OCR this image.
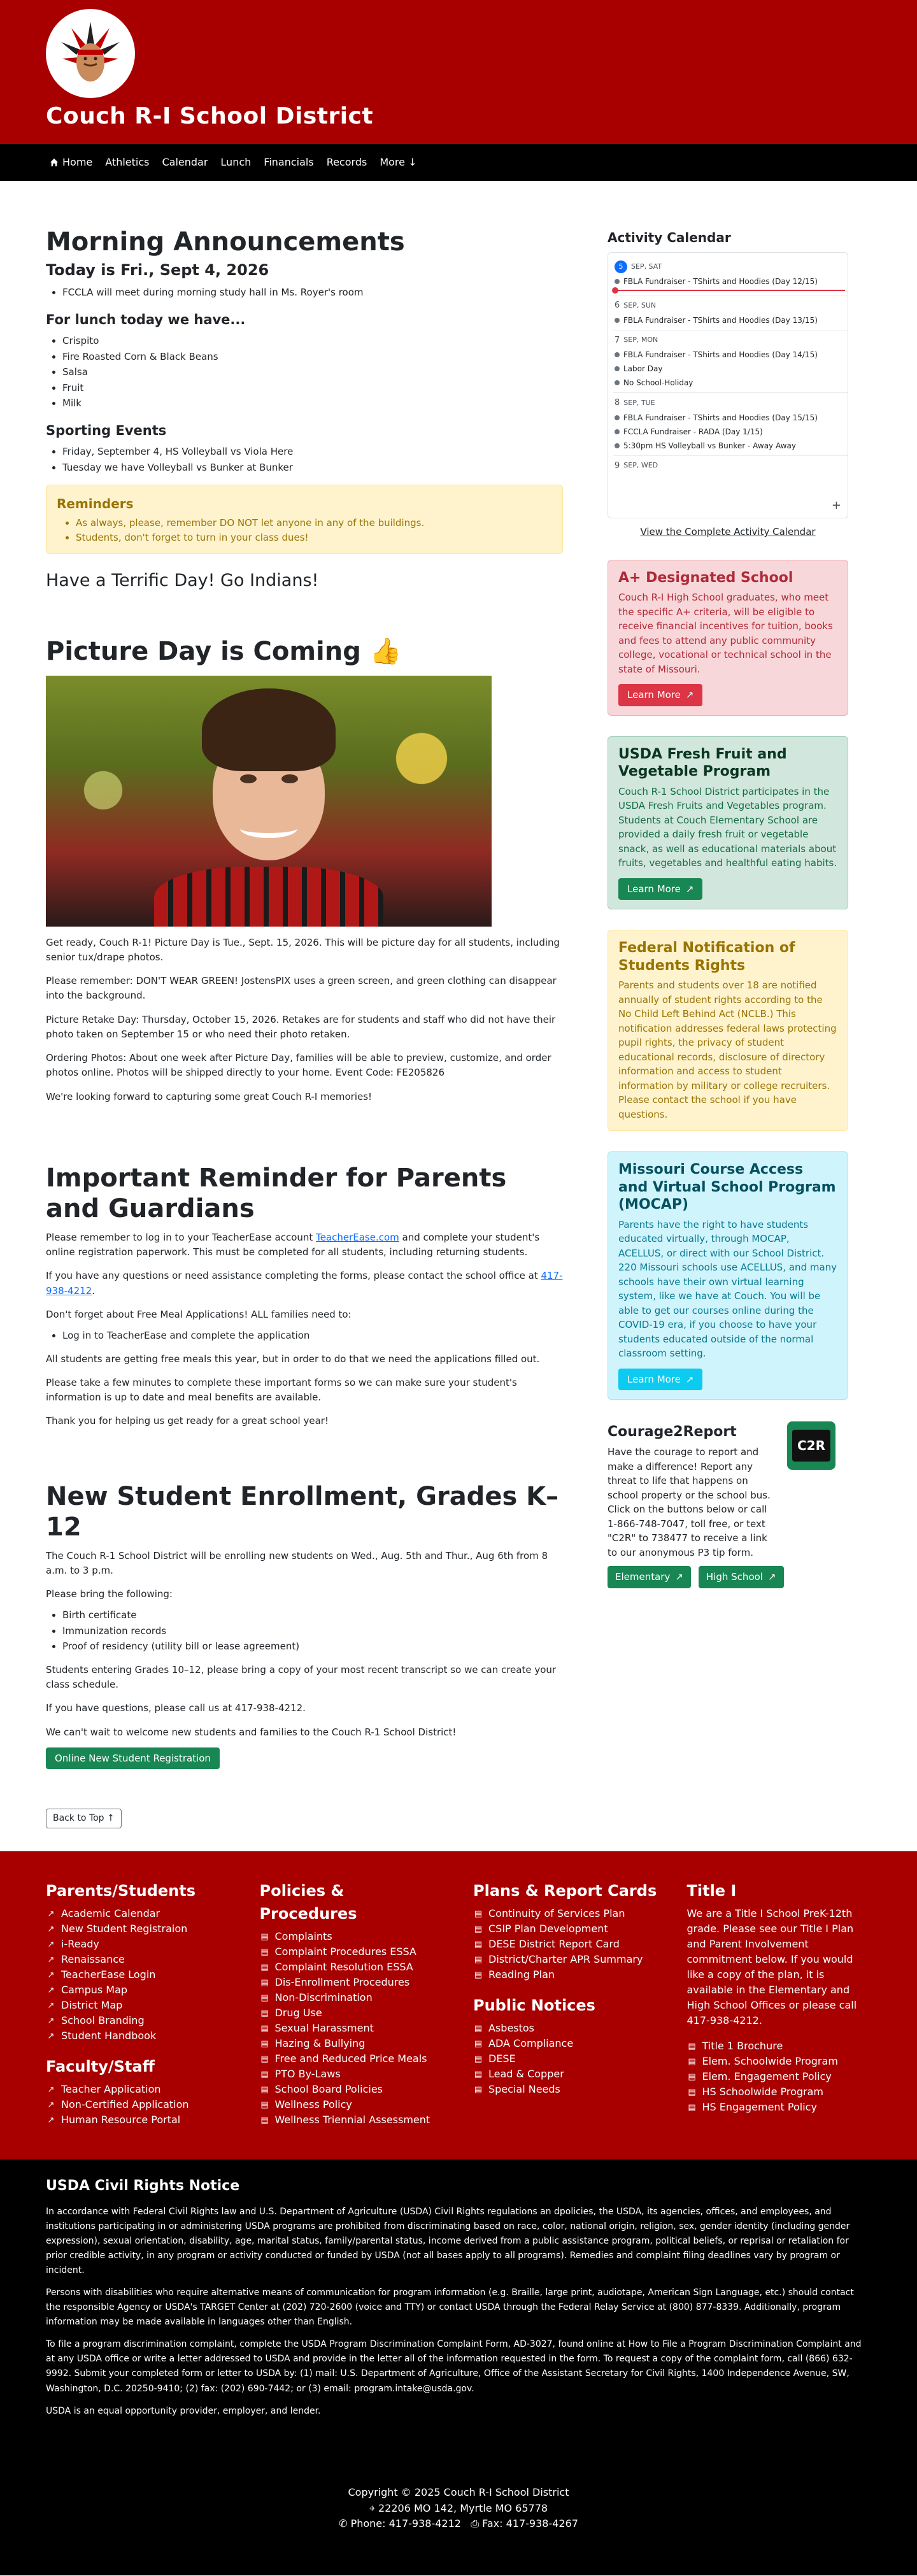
Couch R-I School District
Home Athletics Calendar Lunch Financials Records More ↓
Morning Announcements
Today is Fri., Sept 4, 2026
• FCCLA will meet during morning study hall in Ms. Royer's room
For lunch today we have...
• Crispito
• Fire Roasted Corn & Black Beans
• Salsa
• Fruit
• Milk
Sporting Events
• Friday, September 4, HS Volleyball vs Viola Here
• Tuesday we have Volleyball vs Bunker at Bunker
Reminders
• As always, please, remember DO NOT let anyone in any of the buildings.
• Students, don't forget to turn in your class dues!
Have a Terrific Day! Go Indians!
Picture Day is Coming 👍

Get ready, Couch R-1! Picture Day is Tue., Sept. 15, 2026. This will be picture day for all students, including senior tux/drape photos.

Please remember: DON'T WEAR GREEN! JostensPIX uses a green screen, and green clothing can disappear into the background.

Picture Retake Day: Thursday, October 15, 2026. Retakes are for students and staff who did not have their photo taken on September 15 or who need their photo retaken.

Ordering Photos: About one week after Picture Day, families will be able to preview, customize, and order photos online. Photos will be shipped directly to your home. Event Code: FE205826

We're looking forward to capturing some great Couch R-I memories!

Important Reminder for Parents and Guardians

Please remember to log in to your TeacherEase account TeacherEase.com and complete your student's online registration paperwork. This must be completed for all students, including returning students.

If you have any questions or need assistance completing the forms, please contact the school office at 417-938-4212.

Don't forget about Free Meal Applications! ALL families need to:

• Log in to TeacherEase and complete the application

All students are getting free meals this year, but in order to do that we need the applications filled out.

Please take a few minutes to complete these important forms so we can make sure your student's information is up to date and meal benefits are available.

Thank you for helping us get ready for a great school year!

New Student Enrollment, Grades K–12

The Couch R-1 School District will be enrolling new students on Wed., Aug. 5th and Thur., Aug 6th from 8 a.m. to 3 p.m.

Please bring the following:

• Birth certificate
• Immunization records
• Proof of residency (utility bill or lease agreement)

Students entering Grades 10–12, please bring a copy of your most recent transcript so we can create your class schedule.

If you have questions, please call us at 417-938-4212.

We can't wait to welcome new students and families to the Couch R-1 School District!

Online New Student Registration
Activity Calendar
5	SEP, SAT
FBLA Fundraiser - TShirts and Hoodies (Day 12/15)
6 SEP, SUN
FBLA Fundraiser - TShirts and Hoodies (Day 13/15)
7 SEP, MON
FBLA Fundraiser - TShirts and Hoodies (Day 14/15)
Labor Day
No School-Holiday
8 SEP, TUE
FBLA Fundraiser - TShirts and Hoodies (Day 15/15)
FCCLA Fundraiser - RADA (Day 1/15)
5:30pm HS Volleyball vs Bunker - Away Away
9 SEP, WED
+
View the Complete Activity Calendar
A+ Designated School

Couch R-I High School graduates, who meet the specific A+ criteria, will be eligible to receive financial incentives for tuition, books and fees to attend any public community college, vocational or technical school in the state of Missouri.

Learn More ↗
USDA Fresh Fruit and Vegetable Program

Couch R-1 School District participates in the USDA Fresh Fruits and Vegetables program. Students at Couch Elementary School are provided a daily fresh fruit or vegetable snack, as well as educational materials about fruits, vegetables and healthful eating habits.

Learn More ↗
Federal Notification of Students Rights

Parents and students over 18 are notified annually of student rights according to the No Child Left Behind Act (NCLB.) This notification addresses federal laws protecting pupil rights, the privacy of student educational records, disclosure of directory information and access to student information by military or college recruiters. Please contact the school if you have questions.

Missouri Course Access and Virtual School Program (MOCAP)

Parents have the right to have students educated virtually, through MOCAP, ACELLUS, or direct with our School District. 220 Missouri schools use ACELLUS, and many schools have their own virtual learning system, like we have at Couch. You will be able to get our courses online during the COVID-19 era, if you choose to have your students educated outside of the normal classroom setting.

Learn More ↗
C2R
Courage2Report

Have the courage to report and make a difference! Report any threat to life that happens on school property or the school bus. Click on the buttons below or call 1-866-748-7047, toll free, or text "C2R" to 738477 to receive a link to our anonymous P3 tip form.

Elementary ↗ High School ↗
Back to Top ↑
Parents/Students
↗ Academic Calendar
↗ New Student Registraion
↗ i-Ready
↗ Renaissance
↗ TeacherEase Login
↗ Campus Map
↗ District Map
↗ School Branding
↗ Student Handbook
Faculty/Staff
↗ Teacher Application
↗ Non-Certified Application
↗ Human Resource Portal
Policies & Procedures
▤ Complaints
▤ Complaint Procedures ESSA
▤ Complaint Resolution ESSA
▤ Dis-Enrollment Procedures
▤ Non-Discrimination
▤ Drug Use
▤ Sexual Harassment
▤ Hazing & Bullying
▤ Free and Reduced Price Meals
▤ PTO By-Laws
▤ School Board Policies
▤ Wellness Policy
▤ Wellness Triennial Assessment
Plans & Report Cards
▤ Continuity of Services Plan
▤ CSIP Plan Development
▤ DESE District Report Card
▤ District/Charter APR Summary
▤ Reading Plan
Public Notices
▤ Asbestos
▤ ADA Compliance
▤ DESE
▤ Lead & Copper
▤ Special Needs
Title I

We are a Title I School PreK-12th grade. Please see our Title I Plan and Parent Involvement commitment below. If you would like a copy of the plan, it is available in the Elementary and High School Offices or please call 417-938-4212.

▤ Title 1 Brochure
▤ Elem. Schoolwide Program
▤ Elem. Engagement Policy
▤ HS Schoolwide Program
▤ HS Engagement Policy
USDA Civil Rights Notice

In accordance with Federal Civil Rights law and U.S. Department of Agriculture (USDA) Civil Rights regulations an dpolicies, the USDA, its agencies, offices, and employees, and institutions participating in or administering USDA programs are prohibited from discriminating based on race, color, national origin, religion, sex, gender identity (including gender expression), sexual orientation, disability, age, marital status, family/parental status, income derived from a public assistance program, political beliefs, or reprisal or retaliation for prior credible activity, in any program or activity conducted or funded by USDA (not all bases apply to all programs). Remedies and complaint filing deadlines vary by program or incident.

Persons with disabilities who require alternative means of communication for program information (e.g. Braille, large print, audiotape, American Sign Language, etc.) should contact the responsible Agency or USDA's TARGET Center at (202) 720-2600 (voice and TTY) or contact USDA through the Federal Relay Service at (800) 877-8339. Additionally, program information may be made available in languages other than English.

To file a program discrimination complaint, complete the USDA Program Discrimination Complaint Form, AD-3027, found online at How to File a Program Discrimination Complaint and at any USDA office or write a letter addressed to USDA and provide in the letter all of the information requested in the form. To request a copy of the complaint form, call (866) 632-9992. Submit your completed form or letter to USDA by: (1) mail: U.S. Department of Agriculture, Office of the Assistant Secretary for Civil Rights, 1400 Independence Avenue, SW, Washington, D.C. 20250-9410; (2) fax: (202) 690-7442; or (3) email: program.intake@usda.gov.

USDA is an equal opportunity provider, employer, and lender.

Copyright © 2025 Couch R-I School District
⌖ 22206 MO 142, Myrtle MO 65778
✆ Phone: 417-938-4212 ⎙ Fax: 417-938-4267
